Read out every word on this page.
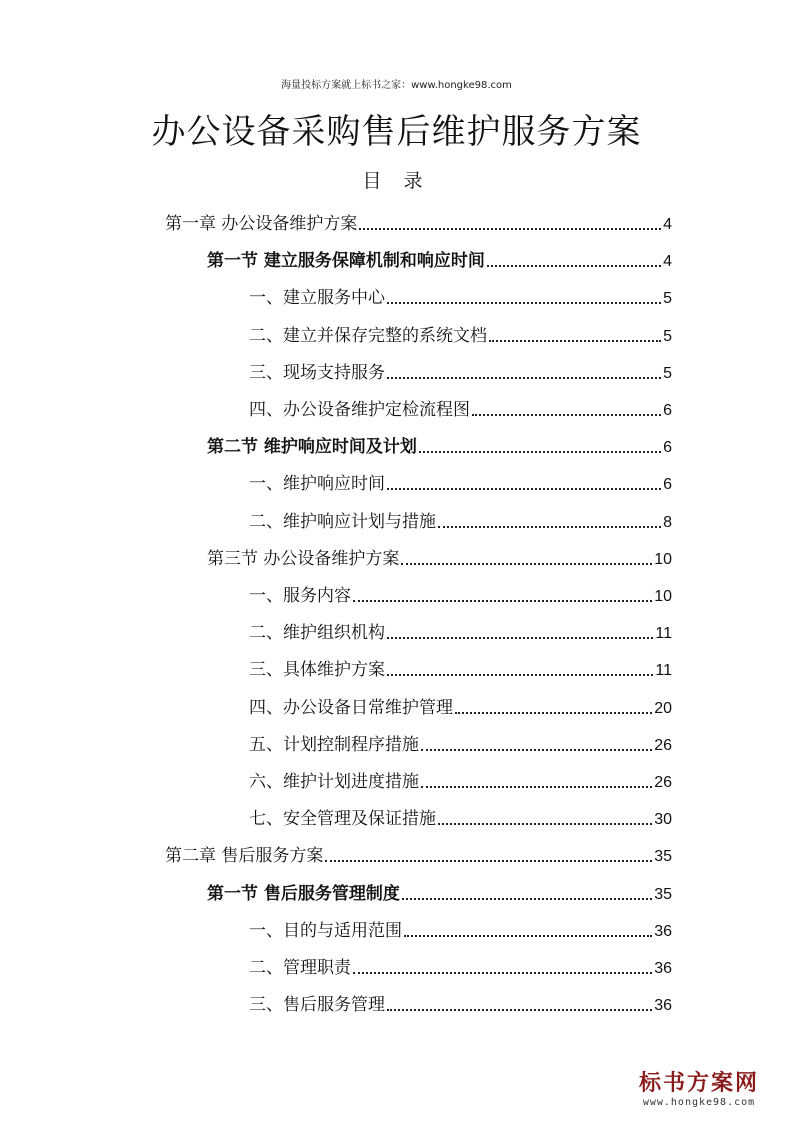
海量投标方案就上标书之家：www.hongke98.com
办公设备采购售后维护服务方案
目 录
第一章 办公设备维护方案	4
第一节 建立服务保障机制和响应时间	4
一、建立服务中心	5
二、建立并保存完整的系统文档	5
三、现场支持服务	5
四、办公设备维护定检流程图	6
第二节 维护响应时间及计划	6
一、维护响应时间	6
二、维护响应计划与措施	8
第三节 办公设备维护方案	10
一、服务内容	10
二、维护组织机构	11
三、具体维护方案	11
四、办公设备日常维护管理	20
五、计划控制程序措施	26
六、维护计划进度措施	26
七、安全管理及保证措施	30
第二章 售后服务方案	35
第一节 售后服务管理制度	35
一、目的与适用范围	36
二、管理职责	36
三、售后服务管理	36
标书方案网
www.hongke98.com
